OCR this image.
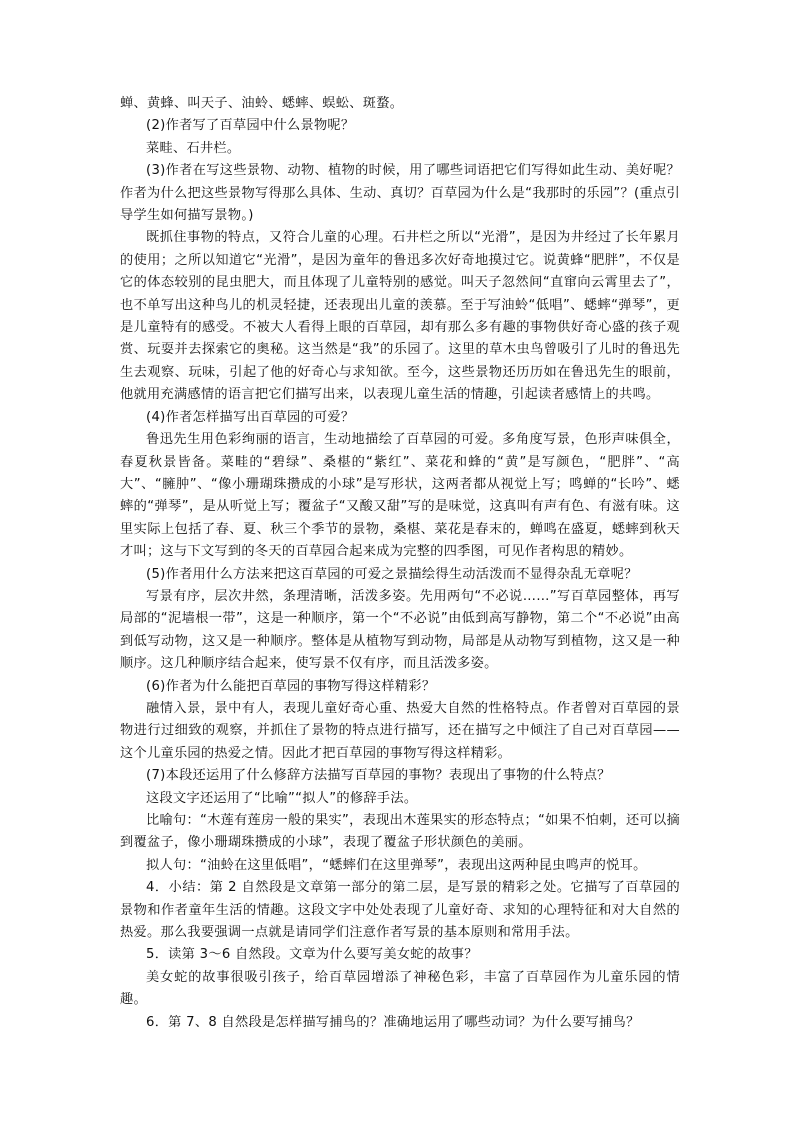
蝉、黄蜂、叫天子、油蛉、蟋蟀、蜈蚣、斑蝥。

(2)作者写了百草园中什么景物呢？

菜畦、石井栏。

(3)作者在写这些景物、动物、植物的时候，用了哪些词语把它们写得如此生动、美好呢？作者为什么把这些景物写得那么具体、生动、真切？百草园为什么是“我那时的乐园”？(重点引导学生如何描写景物。)

既抓住事物的特点，又符合儿童的心理。石井栏之所以“光滑”，是因为井经过了长年累月的使用；之所以知道它“光滑”，是因为童年的鲁迅多次好奇地摸过它。说黄蜂“肥胖”，不仅是它的体态较别的昆虫肥大，而且体现了儿童特别的感觉。叫天子忽然间“直窜向云霄里去了”，也不单写出这种鸟儿的机灵轻捷，还表现出儿童的羡慕。至于写油蛉“低唱”、蟋蟀“弹琴”，更是儿童特有的感受。不被大人看得上眼的百草园，却有那么多有趣的事物供好奇心盛的孩子观赏、玩耍并去探索它的奥秘。这当然是“我”的乐园了。这里的草木虫鸟曾吸引了儿时的鲁迅先生去观察、玩味，引起了他的好奇心与求知欲。至今，这些景物还历历如在鲁迅先生的眼前，他就用充满感情的语言把它们描写出来，以表现儿童生活的情趣，引起读者感情上的共鸣。

(4)作者怎样描写出百草园的可爱？

鲁迅先生用色彩绚丽的语言，生动地描绘了百草园的可爱。多角度写景，色形声味俱全，春夏秋景皆备。菜畦的“碧绿”、桑椹的“紫红”、菜花和蜂的“黄”是写颜色，“肥胖”、“高大”、“臃肿”、“像小珊瑚珠攒成的小球”是写形状，这两者都从视觉上写；鸣蝉的“长吟”、蟋蟀的“弹琴”，是从听觉上写；覆盆子“又酸又甜”写的是味觉，这真叫有声有色、有滋有味。这里实际上包括了春、夏、秋三个季节的景物，桑椹、菜花是春末的，蝉鸣在盛夏，蟋蟀到秋天才叫；这与下文写到的冬天的百草园合起来成为完整的四季图，可见作者构思的精妙。

(5)作者用什么方法来把这百草园的可爱之景描绘得生动活泼而不显得杂乱无章呢？

写景有序，层次井然，条理清晰，活泼多姿。先用两句“不必说……”写百草园整体，再写局部的“泥墙根一带”，这是一种顺序，第一个“不必说”由低到高写静物，第二个“不必说”由高到低写动物，这又是一种顺序。整体是从植物写到动物，局部是从动物写到植物，这又是一种顺序。这几种顺序结合起来，使写景不仅有序，而且活泼多姿。

(6)作者为什么能把百草园的事物写得这样精彩？

融情入景，景中有人，表现儿童好奇心重、热爱大自然的性格特点。作者曾对百草园的景物进行过细致的观察，并抓住了景物的特点进行描写，还在描写之中倾注了自己对百草园——这个儿童乐园的热爱之情。因此才把百草园的事物写得这样精彩。

(7)本段还运用了什么修辞方法描写百草园的事物？表现出了事物的什么特点？

这段文字还运用了“比喻”“拟人”的修辞手法。

比喻句：“木莲有莲房一般的果实”，表现出木莲果实的形态特点；“如果不怕刺，还可以摘到覆盆子，像小珊瑚珠攒成的小球”，表现了覆盆子形状颜色的美丽。

拟人句：“油蛉在这里低唱”，“蟋蟀们在这里弹琴”，表现出这两种昆虫鸣声的悦耳。

4．小结：第 2 自然段是文章第一部分的第二层，是写景的精彩之处。它描写了百草园的景物和作者童年生活的情趣。这段文字中处处表现了儿童好奇、求知的心理特征和对大自然的热爱。那么我要强调一点就是请同学们注意作者写景的基本原则和常用手法。

5．读第 3～6 自然段。文章为什么要写美女蛇的故事？

美女蛇的故事很吸引孩子，给百草园增添了神秘色彩，丰富了百草园作为儿童乐园的情趣。

6．第 7、8 自然段是怎样描写捕鸟的？准确地运用了哪些动词？为什么要写捕鸟？
